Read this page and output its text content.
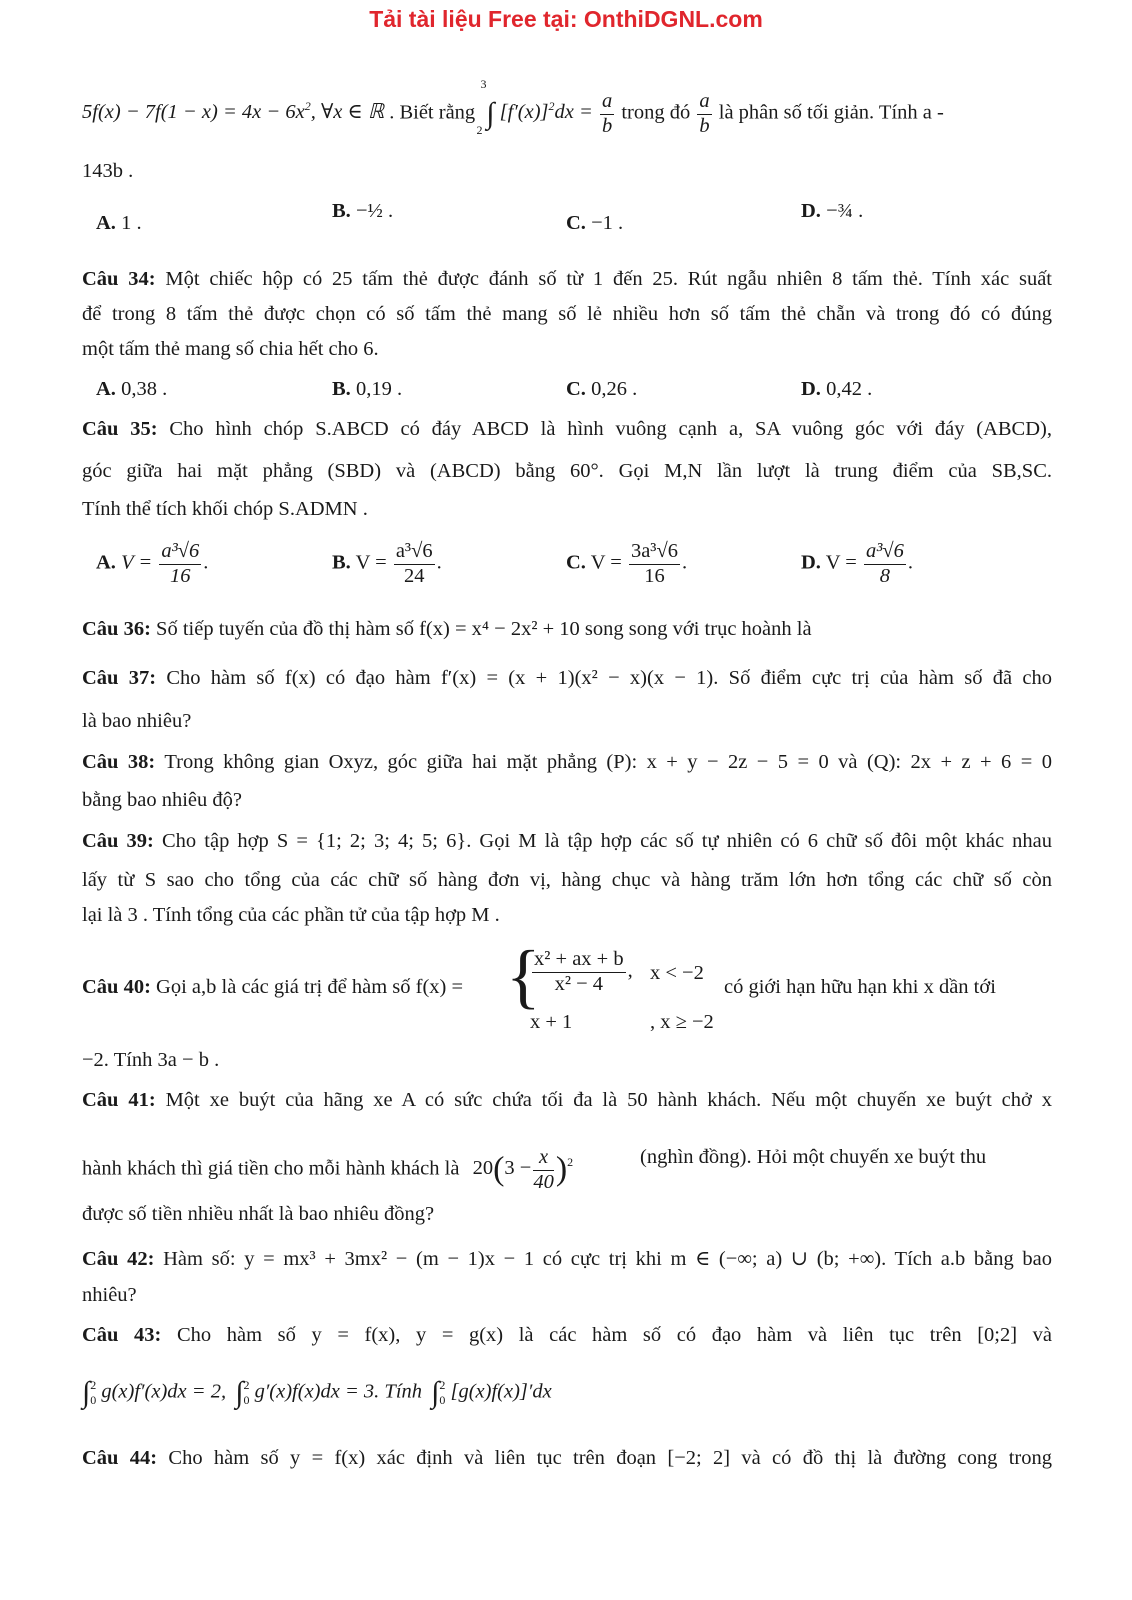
Tải tài liệu Free tại: OnthiDGNL.com
$5f(x) - 7f(1 - x) = 4x - 6x^2$, ∀x ∈ ℝ . Biết rằng ∫
3
2
$[f'(x)]^2dx = \frac{a}{b}$ trong đó $\frac{a}{b}$ là phân số tối giản. Tính a -
143b .
A. 1 .
B. −½ .
C. −1 .
D. −¾ .
Câu 34: Một chiếc hộp có 25 tấm thẻ được đánh số từ 1 đến 25. Rút ngẫu nhiên 8 tấm thẻ. Tính xác suất
để trong 8 tấm thẻ được chọn có số tấm thẻ mang số lẻ nhiều hơn số tấm thẻ chẵn và trong đó có đúng
một tấm thẻ mang số chia hết cho 6.
A. 0,38 .	B. 0,19 .	C. 0,26 .	D. 0,42 .
Câu 35: Cho hình chóp S.ABCD có đáy ABCD là hình vuông cạnh a, SA vuông góc với đáy (ABCD),
góc giữa hai mặt phẳng (SBD) và (ABCD) bằng 60°. Gọi M,N lần lượt là trung điểm của SB,SC.
Tính thể tích khối chóp S.ADMN .
A. $V = \frac{\text{a³√6}}{16}$ .	B. $V = \frac{\text{a³√6}}{24}$ .	C. $V = \frac{\text{3a³√6}}{16}$ .	D. $V = \frac{\text{a³√6}}{8}$ .
Câu 36: Số tiếp tuyến của đồ thị hàm số f(x) = x⁴ − 2x² + 10 song song với trục hoành là
Câu 37: Cho hàm số f(x) có đạo hàm f′(x) = (x + 1)(x² − x)(x − 1). Số điểm cực trị của hàm số đã cho
là bao nhiêu?
Câu 38: Trong không gian Oxyz, góc giữa hai mặt phẳng (P): x + y − 2z − 5 = 0 và (Q): 2x + z + 6 = 0
bằng bao nhiêu độ?
Câu 39: Cho tập hợp S = {1; 2; 3; 4; 5; 6}. Gọi M là tập hợp các số tự nhiên có 6 chữ số đôi một khác nhau
lấy từ S sao cho tổng của các chữ số hàng đơn vị, hàng chục và hàng trăm lớn hơn tổng các chữ số còn
lại là 3 . Tính tổng của các phần tử của tập hợp M .
Câu 40: Gọi a,b là các giá trị để hàm số f(x) = {
$\frac{\text{x² + ax + b}}{\text{x² − 4}}$ , x < −2
x + 1	, x ≥ −2
có giới hạn hữu hạn khi x dần tới
−2. Tính 3a − b .
Câu 41: Một xe buýt của hãng xe A có sức chứa tối đa là 50 hành khách. Nếu một chuyến xe buýt chở x
hành khách thì giá tiền cho mỗi hành khách là $20(3 - \frac{x}{40} )^2$	(nghìn đồng). Hỏi một chuyến xe buýt thu
được số tiền nhiều nhất là bao nhiêu đồng?
Câu 42: Hàm số: y = mx³ + 3mx² − (m − 1)x − 1 có cực trị khi m ∈ (−∞; a) ∪ (b; +∞). Tích a.b bằng bao
nhiêu?
Câu 43: Cho hàm số y = f(x), y = g(x) là các hàm số có đạo hàm và liên tục trên [0;2] và
∫$^2$0 g(x)f′(x)dx = 2, ∫$^2$0 g′(x)f(x)dx = 3. Tính ∫$^2$0 [g(x)f(x)]′dx
Câu 44: Cho hàm số y = f(x) xác định và liên tục trên đoạn [−2; 2] và có đồ thị là đường cong trong
